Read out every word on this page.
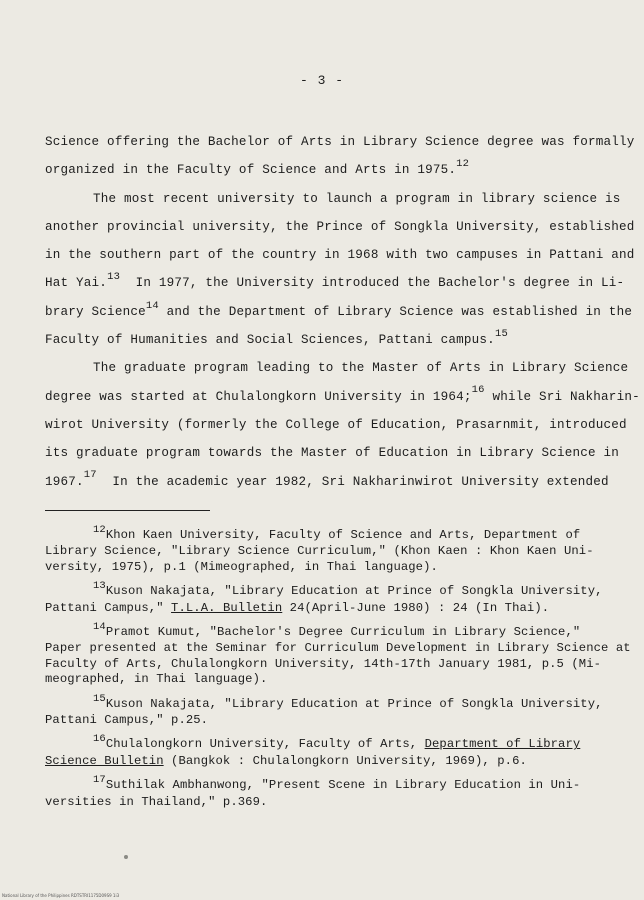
- 3 -
Science offering the Bachelor of Arts in Library Science degree was formally
organized in the Faculty of Science and Arts in 1975.12
The most recent university to launch a program in library science is
another provincial university, the Prince of Songkla University, established
in the southern part of the country in 1968 with two campuses in Pattani and
Hat Yai.$^{13}$  In 1977, the University introduced the Bachelor's degree in Li-
brary Science$^{14}$ and the Department of Library Science was established in the
Faculty of Humanities and Social Sciences, Pattani campus.$^{15}$
The graduate program leading to the Master of Arts in Library Science
degree was started at Chulalongkorn University in 1964;$^{16}$ while Sri Nakharin-
wirot University (formerly the College of Education, Prasarnmit, introduced
its graduate program towards the Master of Education in Library Science in
1967.17  In the academic year 1982, Sri Nakharinwirot University extended
12Khon Kaen University, Faculty of Science and Arts, Department of
Library Science, "Library Science Curriculum," (Khon Kaen : Khon Kaen Uni-
versity, 1975), p.1 (Mimeographed, in Thai language).
13Kuson Nakajata, "Library Education at Prince of Songkla University,
Pattani Campus," T.L.A. Bulletin 24(April-June 1980) : 24 (In Thai).
14Pramot Kumut, "Bachelor's Degree Curriculum in Library Science,"
Paper presented at the Seminar for Curriculum Development in Library Science at
Faculty of Arts, Chulalongkorn University, 14th-17th January 1981, p.5 (Mi-
meographed, in Thai language).
15Kuson Nakajata, "Library Education at Prince of Songkla University,
Pattani Campus," p.25.
16Chulalongkorn University, Faculty of Arts, Department of Library
Science Bulletin (Bangkok : Chulalongkorn University, 1969), p.6.
17Suthilak Ambhanwong, "Present Scene in Library Education in Uni-
versities in Thailand," p.369.
National Library of the Philippines RDTSTRI1175D09S9 1i3
